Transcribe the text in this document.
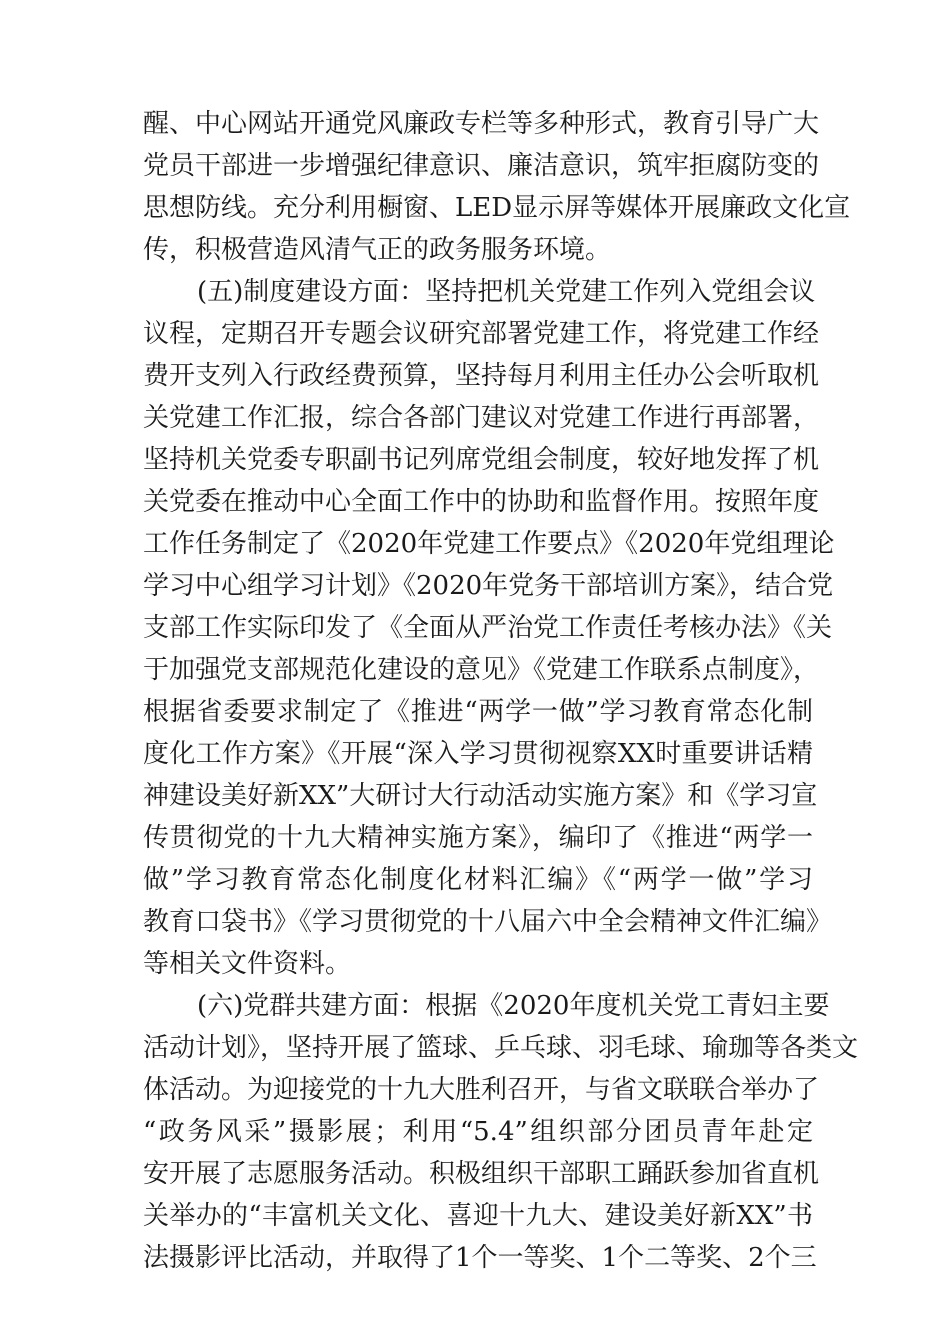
醒、中心网站开通党风廉政专栏等多种形式，教育引导广大
党员干部进一步增强纪律意识、廉洁意识，筑牢拒腐防变的
思想防线。充分利用橱窗、LED显示屏等媒体开展廉政文化宣
传，积极营造风清气正的政务服务环境。
(五)制度建设方面：坚持把机关党建工作列入党组会议
议程，定期召开专题会议研究部署党建工作，将党建工作经
费开支列入行政经费预算，坚持每月利用主任办公会听取机
关党建工作汇报，综合各部门建议对党建工作进行再部署，
坚持机关党委专职副书记列席党组会制度，较好地发挥了机
关党委在推动中心全面工作中的协助和监督作用。按照年度
工作任务制定了《2020年党建工作要点》《2020年党组理论
学习中心组学习计划》《2020年党务干部培训方案》，结合党
支部工作实际印发了《全面从严治党工作责任考核办法》《关
于加强党支部规范化建设的意见》《党建工作联系点制度》，
根据省委要求制定了《推进“两学一做”学习教育常态化制
度化工作方案》《开展“深入学习贯彻视察XX时重要讲话精
神建设美好新XX”大研讨大行动活动实施方案》和《学习宣
传贯彻党的十九大精神实施方案》，编印了《推进“两学一
做”学习教育常态化制度化材料汇编》《“两学一做”学习
教育口袋书》《学习贯彻党的十八届六中全会精神文件汇编》
等相关文件资料。
(六)党群共建方面：根据《2020年度机关党工青妇主要
活动计划》，坚持开展了篮球、乒乓球、羽毛球、瑜珈等各类文
体活动。为迎接党的十九大胜利召开，与省文联联合举办了
“政务风采”摄影展；利用“5.4”组织部分团员青年赴定
安开展了志愿服务活动。积极组织干部职工踊跃参加省直机
关举办的“丰富机关文化、喜迎十九大、建设美好新XX”书
法摄影评比活动，并取得了1个一等奖、1个二等奖、2个三
